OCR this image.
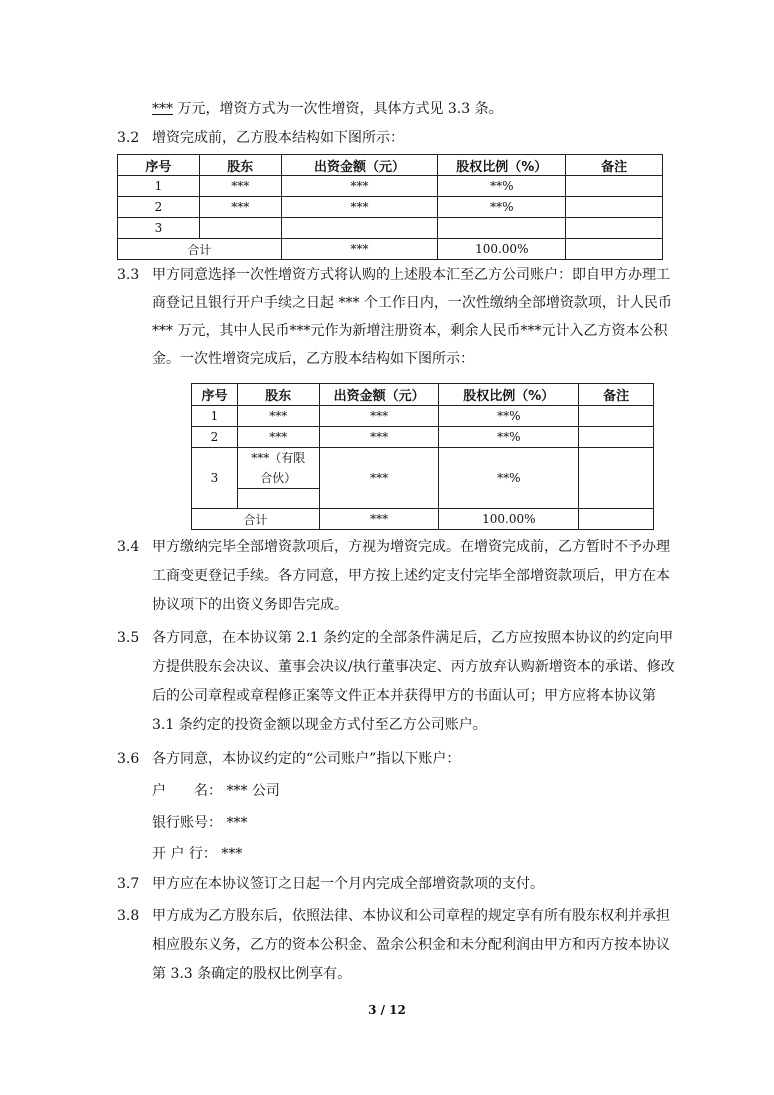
*** 万元，增资方式为一次性增资，具体方式见 3.3 条。
3.2 增资完成前，乙方股本结构如下图所示：
序号	股东	出资金额（元）	股权比例（%）	备注
1	***	***	**%	
2	***	***	**%	
3				
合计		***	100.00%	
3.3 甲方同意选择一次性增资方式将认购的上述股本汇至乙方公司账户：即自甲方办理工
商登记且银行开户手续之日起 *** 个工作日内，一次性缴纳全部增资款项，计人民币
*** 万元，其中人民币***元作为新增注册资本，剩余人民币***元计入乙方资本公积
金。一次性增资完成后，乙方股本结构如下图所示：
序号	股东	出资金额（元）	股权比例（%）	备注
1	***	***	**%	
2	***	***	**%	
3	***（有限
合伙）	***	**%	

合计		***	100.00%	
3.4 甲方缴纳完毕全部增资款项后，方视为增资完成。在增资完成前，乙方暂时不予办理
工商变更登记手续。各方同意，甲方按上述约定支付完毕全部增资款项后，甲方在本
协议项下的出资义务即告完成。
3.5 各方同意，在本协议第 2.1 条约定的全部条件满足后，乙方应按照本协议的约定向甲
方提供股东会决议、董事会决议/执行董事决定、丙方放弃认购新增资本的承诺、修改
后的公司章程或章程修正案等文件正本并获得甲方的书面认可；甲方应将本协议第
3.1 条约定的投资金额以现金方式付至乙方公司账户。
3.6 各方同意，本协议约定的“公司账户”指以下账户：
户　　名： *** 公司
银行账号： ***
开 户 行： ***
3.7 甲方应在本协议签订之日起一个月内完成全部增资款项的支付。
3.8 甲方成为乙方股东后，依照法律、本协议和公司章程的规定享有所有股东权利并承担
相应股东义务，乙方的资本公积金、盈余公积金和未分配利润由甲方和丙方按本协议
第 3.3 条确定的股权比例享有。
3 / 12
